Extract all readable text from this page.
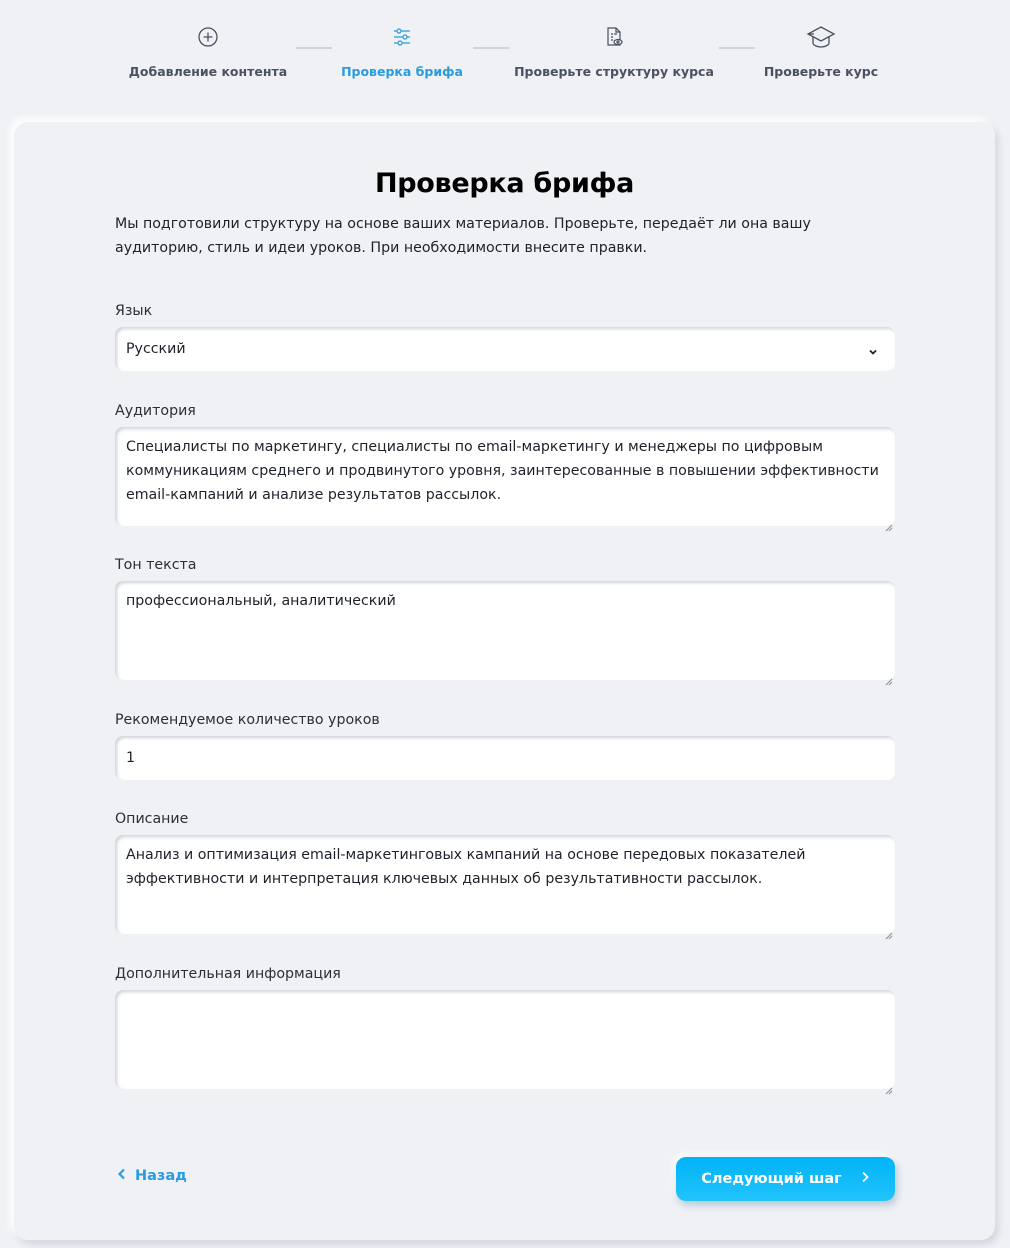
Добавление контента	Проверка брифа	Проверьте структуру курса	Проверьте курс
Проверка брифа

Мы подготовили структуру на основе ваших материалов. Проверьте, передаёт ли она вашу аудиторию, стиль и идеи уроков. При необходимости внесите правки.

Язык
Русский
Аудитория
Специалисты по маркетингу, специалисты по email-маркетингу и менеджеры по цифровым коммуникациям среднего и продвинутого уровня, заинтересованные в повышении эффективности email-кампаний и анализе результатов рассылок.
Тон текста
профессиональный, аналитический
Рекомендуемое количество уроков
1
Описание
Анализ и оптимизация email-маркетинговых кампаний на основе передовых показателей эффективности и интерпретация ключевых данных об результативности рассылок.
Дополнительная информация
Назад	Следующий шаг
